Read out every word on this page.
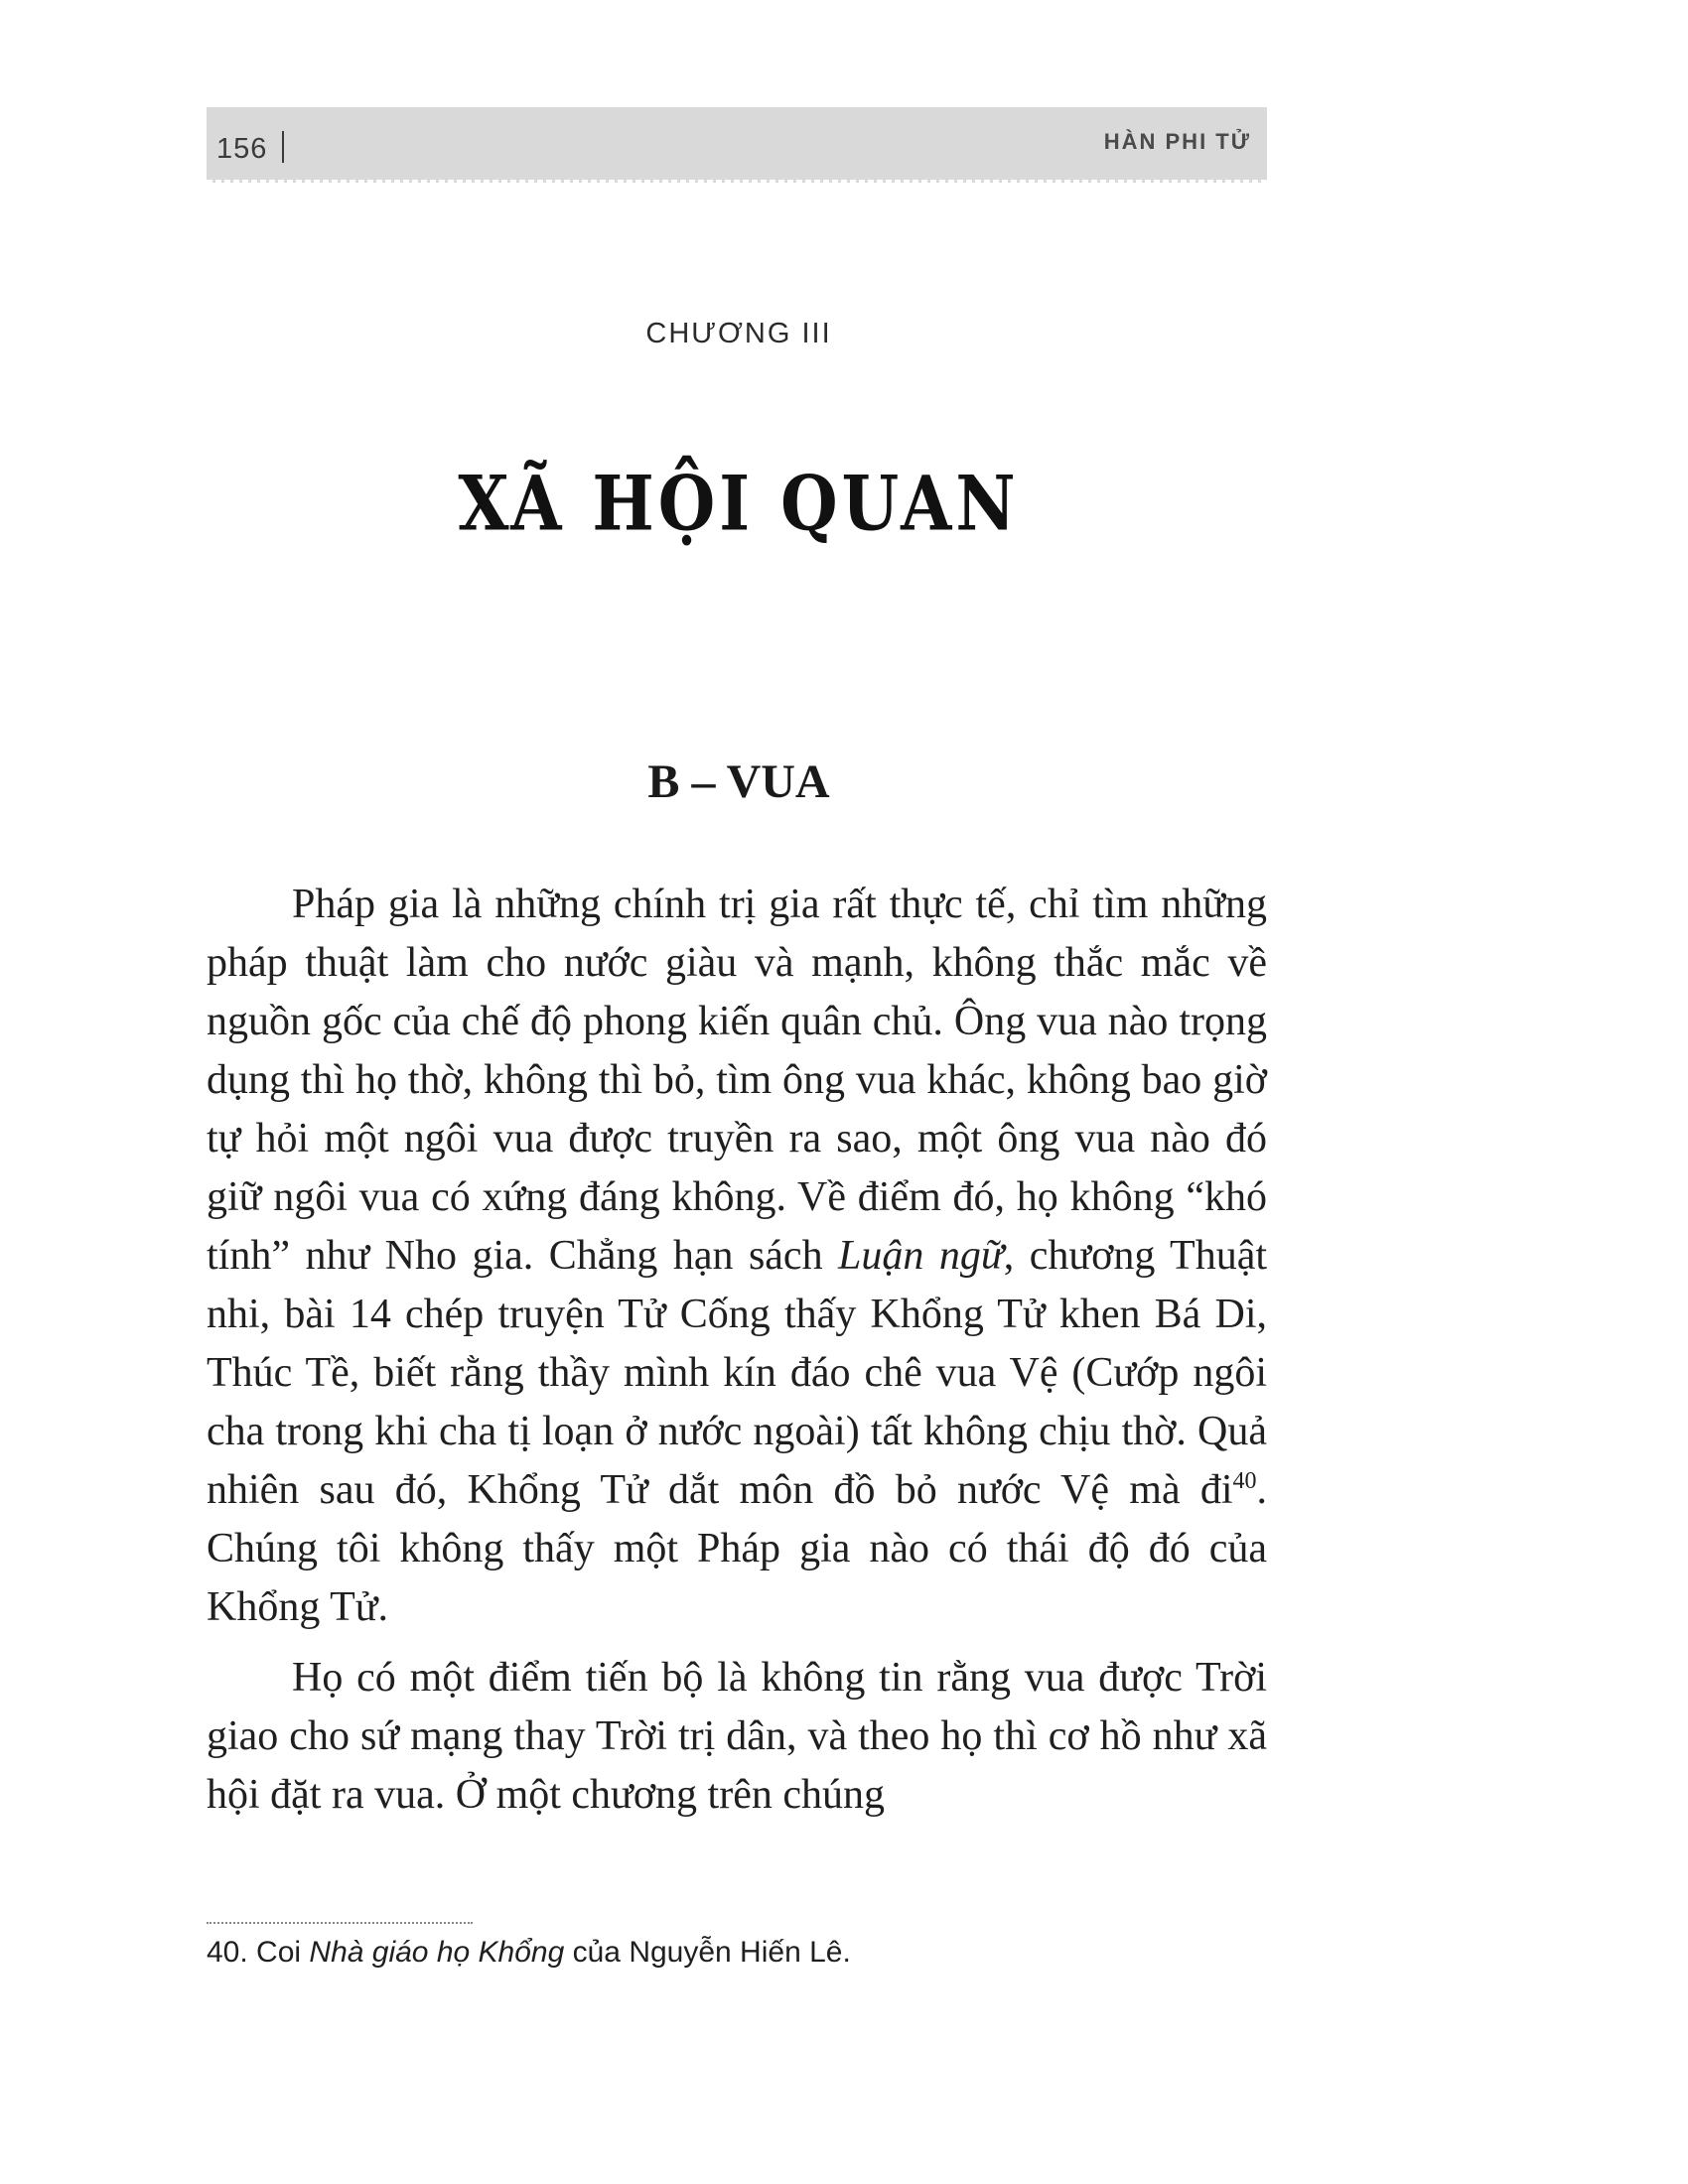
156	HÀN PHI TỬ
CHƯƠNG III
XÃ HỘI QUAN
B – VUA

Pháp gia là những chính trị gia rất thực tế, chỉ tìm những pháp thuật làm cho nước giàu và mạnh, không thắc mắc về nguồn gốc của chế độ phong kiến quân chủ. Ông vua nào trọng dụng thì họ thờ, không thì bỏ, tìm ông vua khác, không bao giờ tự hỏi một ngôi vua được truyền ra sao, một ông vua nào đó giữ ngôi vua có xứng đáng không. Về điểm đó, họ không “khó tính” như Nho gia. Chẳng hạn sách Luận ngữ, chương Thuật nhi, bài 14 chép truyện Tử Cống thấy Khổng Tử khen Bá Di, Thúc Tề, biết rằng thầy mình kín đáo chê vua Vệ (Cướp ngôi cha trong khi cha tị loạn ở nước ngoài) tất không chịu thờ. Quả nhiên sau đó, Khổng Tử dắt môn đồ bỏ nước Vệ mà $đi^{40}$. Chúng tôi không thấy một Pháp gia nào có thái độ đó của Khổng Tử.

Họ có một điểm tiến bộ là không tin rằng vua được Trời giao cho sứ mạng thay Trời trị dân, và theo họ thì cơ hồ như xã hội đặt ra vua. Ở một chương trên chúng

40. Coi Nhà giáo họ Khổng của Nguyễn Hiến Lê.
